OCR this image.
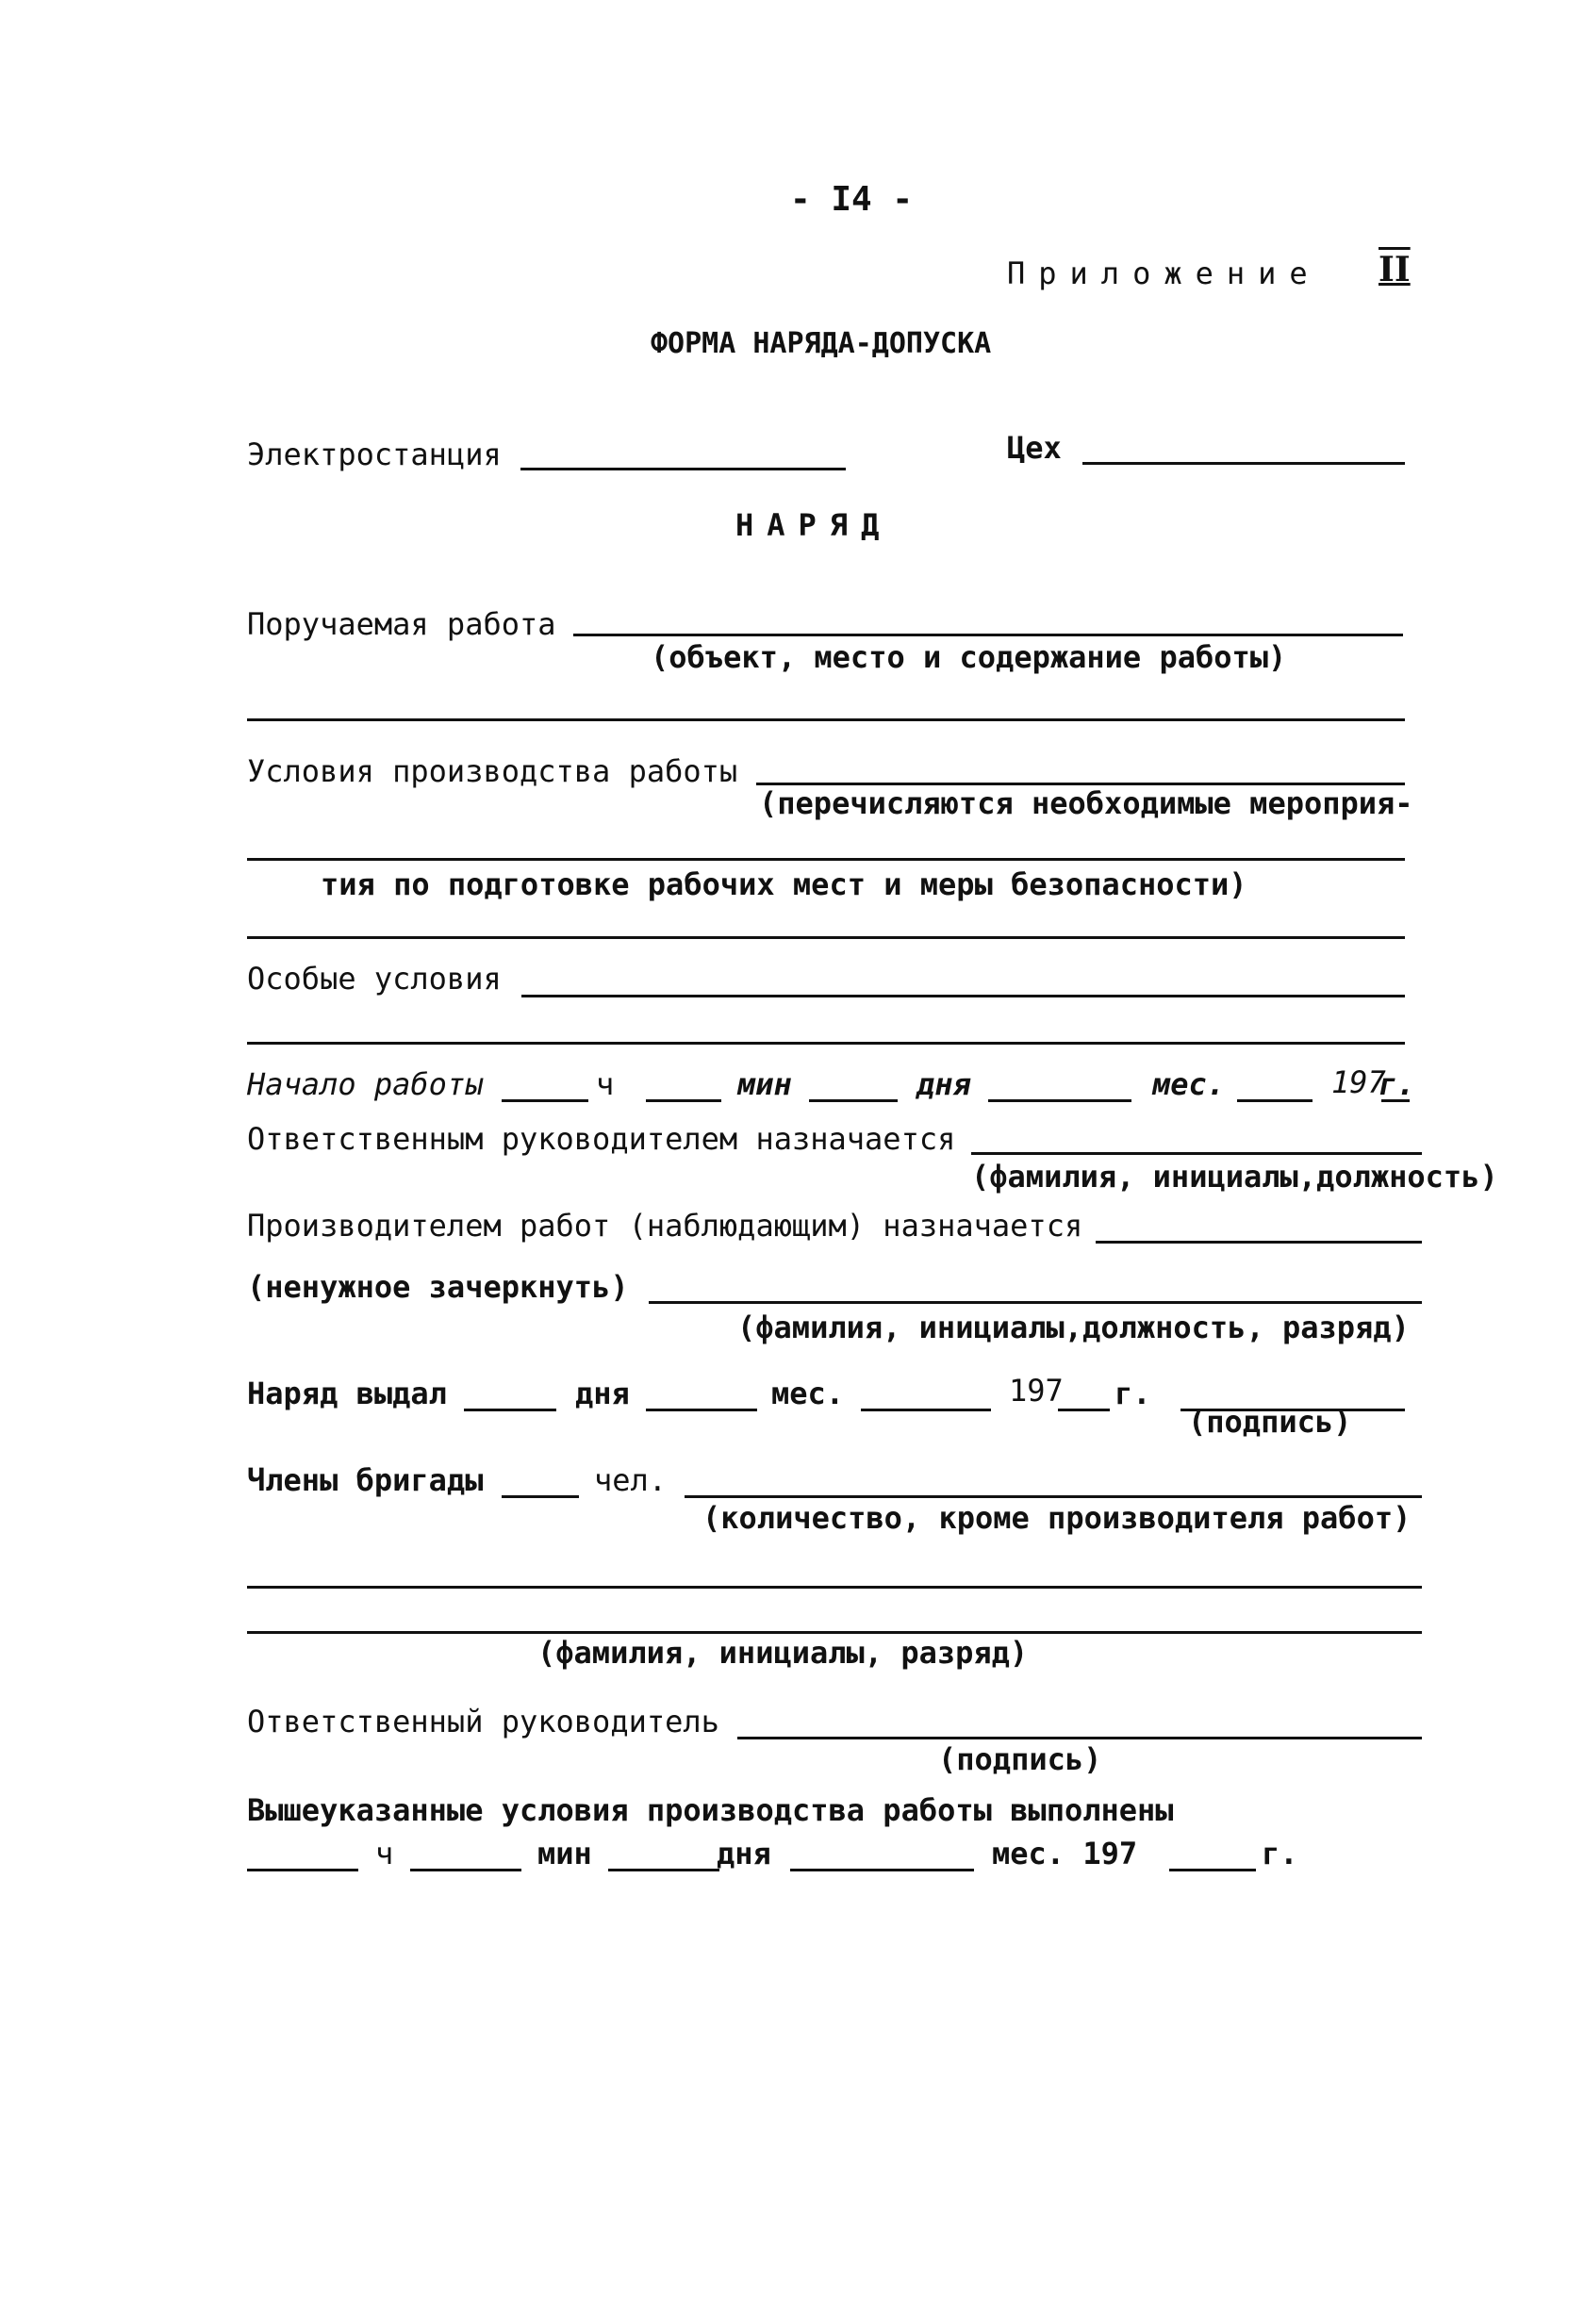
- I4 -
Приложение II
ФОРМА НАРЯДА-ДОПУСКА
Электростанция	Цех
НАРЯД
Поручаемая работа
(объект, место и содержание работы)
Условия производства работы
(перечисляются необходимые мероприя-
тия по подготовке рабочих мест и меры безопасности)
Особые условия
Начало работы	ч	мин	дня	мес.	197
г.
Ответственным руководителем назначается
(фамилия, инициалы,должность)
Производителем работ (наблюдающим) назначается
(ненужное зачеркнуть)
(фамилия, инициалы,должность, разряд)
Наряд выдал	дня	мес.	197 г.
(подпись)
Члены бригады	чел.
(количество, кроме производителя работ)
(фамилия, инициалы, разряд)
Ответственный руководитель
(подпись)
Вышеуказанные условия производства работы выполнены
ч	мин	дня	мес. 197	г.
